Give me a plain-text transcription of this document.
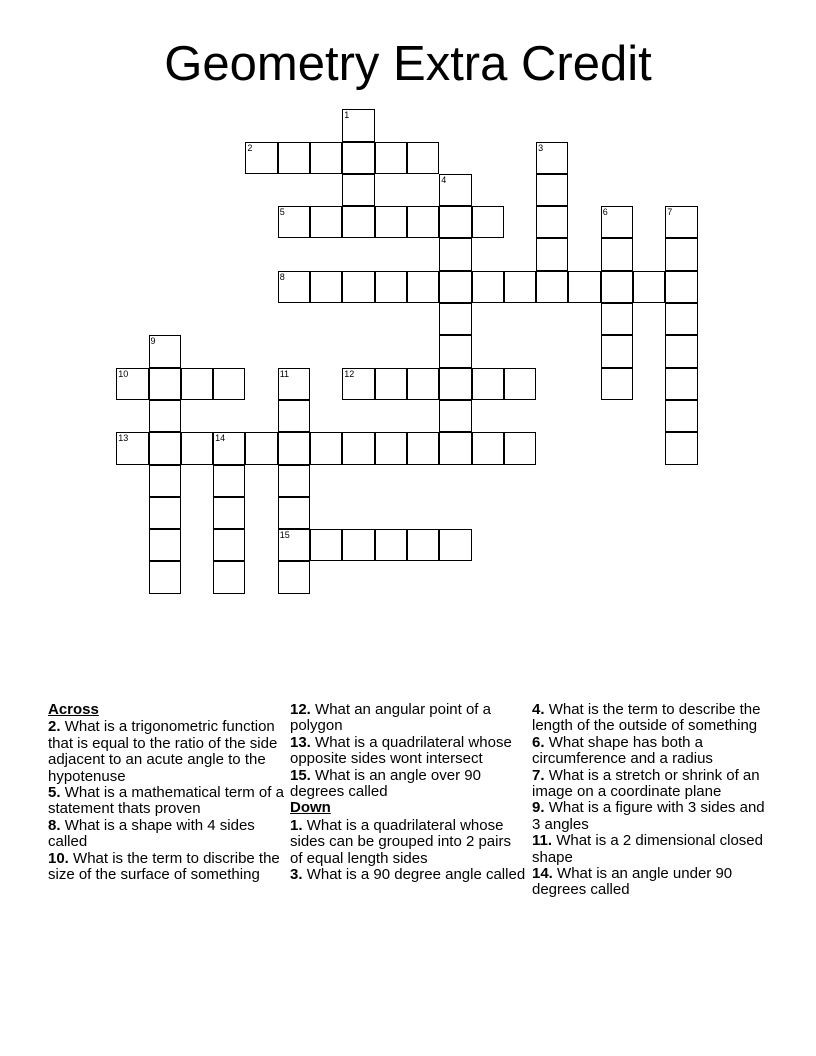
Geometry Extra Credit
1
2	3
4
5	6	7
8
9
10	11
15
12
13	14
Across
2. What is a trigonometric function that is equal to the ratio of the side adjacent to an acute angle to the hypotenuse
5. What is a mathematical term of a statement thats proven
8. What is a shape with 4 sides called
10. What is the term to discribe the size of the surface of something
12. What an angular point of a polygon
13. What is a quadrilateral whose opposite sides wont intersect
15. What is an angle over 90 degrees called
Down
1. What is a quadrilateral whose sides can be grouped into 2 pairs of equal length sides
3. What is a 90 degree angle called
4. What is the term to describe the length of the outside of something
6. What shape has both a circumference and a radius
7. What is a stretch or shrink of an image on a coordinate plane
9. What is a figure with 3 sides and 3 angles
11. What is a 2 dimensional closed shape
14. What is an angle under 90 degrees called
